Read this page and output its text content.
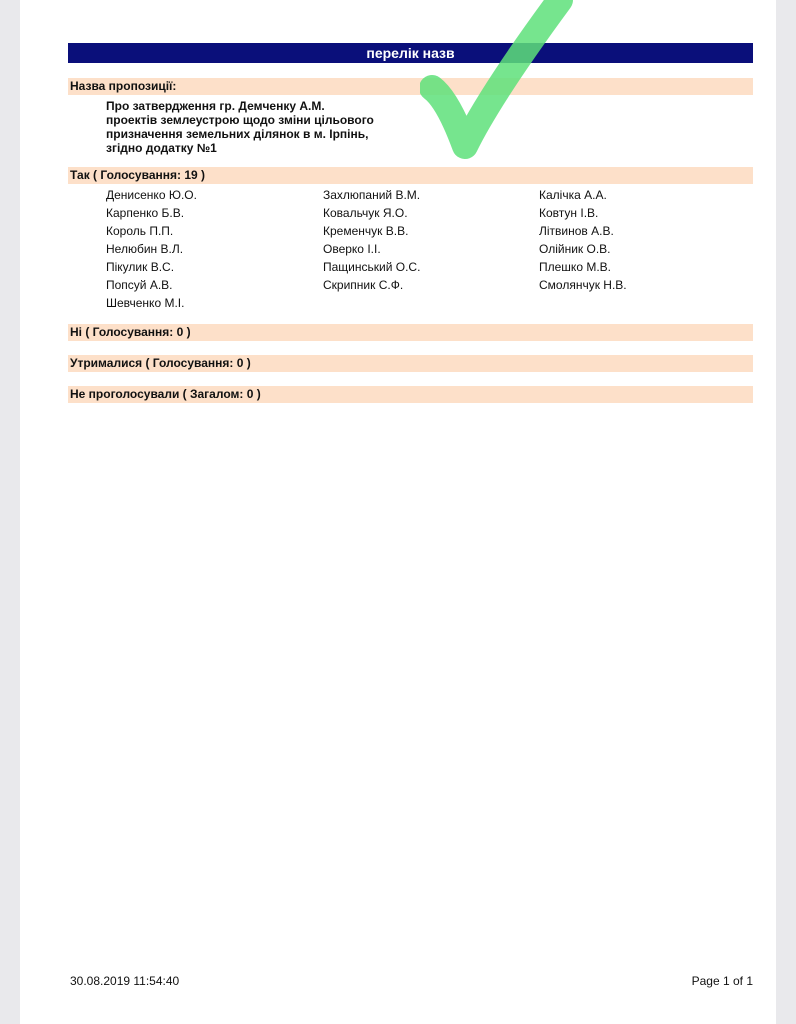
перелік назв
Назва пропозиції:
Про затвердження гр. Демченку А.М.
проектів землеустрою щодо зміни цільового
призначення земельних ділянок в м. Ірпінь,
згідно додатку №1
Так ( Голосування: 19 )
Денисенко Ю.О.	Захлюпаний В.М.	Калічка А.А.
Карпенко Б.В.	Ковальчук Я.О.	Ковтун І.В.
Король П.П.	Кременчук В.В.	Літвинов А.В.
Нелюбин В.Л.	Оверко І.І.	Олійник О.В.
Пікулик В.С.	Пащинський О.С.	Плешко М.В.
Попсуй А.В.	Скрипник С.Ф.	Смолянчук Н.В.
Шевченко М.І.
Ні ( Голосування: 0 )
Утрималися ( Голосування: 0 )
Не проголосували ( Загалом: 0 )
30.08.2019 11:54:40	Page 1 of 1
